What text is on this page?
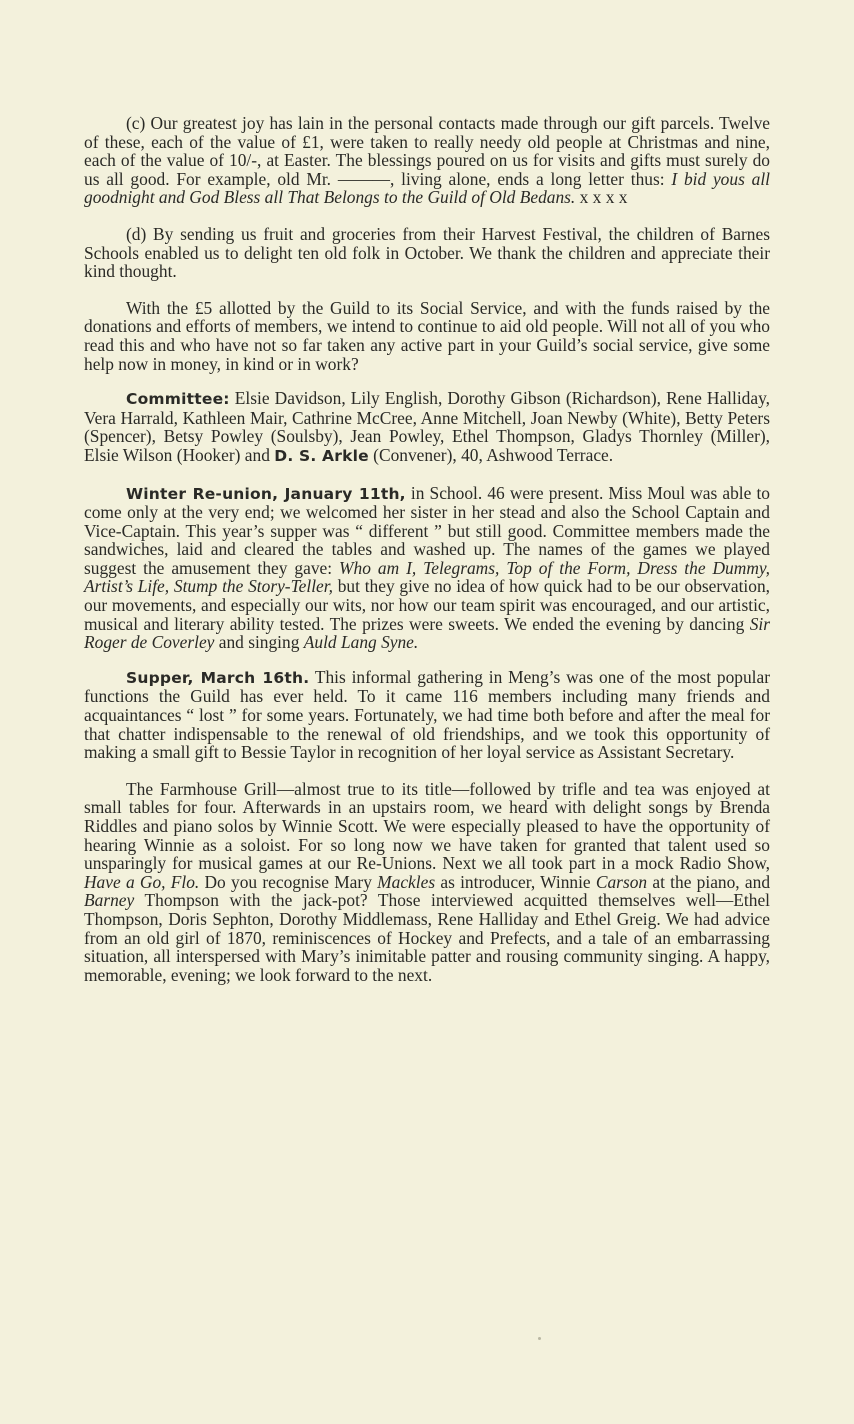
(c) Our greatest joy has lain in the personal contacts made through our gift parcels. Twelve of these, each of the value of £1, were taken to really needy old people at Christmas and nine, each of the value of 10/-, at Easter. The blessings poured on us for visits and gifts must surely do us all good. For example, old Mr. ———, living alone, ends a long letter thus: I bid yous all goodnight and God Bless all That Belongs to the Guild of Old Bedans. x x x x

(d) By sending us fruit and groceries from their Harvest Festival, the children of Barnes Schools enabled us to delight ten old folk in October. We thank the children and appreciate their kind thought.

With the £5 allotted by the Guild to its Social Service, and with the funds raised by the donations and efforts of members, we intend to continue to aid old people. Will not all of you who read this and who have not so far taken any active part in your Guild’s social service, give some help now in money, in kind or in work?

Committee: Elsie Davidson, Lily English, Dorothy Gibson (Richardson), Rene Halliday, Vera Harrald, Kathleen Mair, Cathrine McCree, Anne Mitchell, Joan Newby (White), Betty Peters (Spencer), Betsy Powley (Soulsby), Jean Powley, Ethel Thompson, Gladys Thornley (Miller), Elsie Wilson (Hooker) and D. S. Arkle (Convener), 40, Ashwood Terrace.

Winter Re-union, January 11th, in School. 46 were present. Miss Moul was able to come only at the very end; we welcomed her sister in her stead and also the School Captain and Vice-Captain. This year’s supper was “ different ” but still good. Committee members made the sandwiches, laid and cleared the tables and washed up. The names of the games we played suggest the amusement they gave: Who am I, Telegrams, Top of the Form, Dress the Dummy, Artist’s Life, Stump the Story-Teller, but they give no idea of how quick had to be our observation, our movements, and especially our wits, nor how our team spirit was encouraged, and our artistic, musical and literary ability tested. The prizes were sweets. We ended the evening by dancing Sir Roger de Coverley and singing Auld Lang Syne.

Supper, March 16th. This informal gathering in Meng’s was one of the most popular functions the Guild has ever held. To it came 116 members including many friends and acquaintances “ lost ” for some years. Fortunately, we had time both before and after the meal for that chatter indispensable to the renewal of old friendships, and we took this opportunity of making a small gift to Bessie Taylor in recognition of her loyal service as Assistant Secretary.

The Farmhouse Grill—almost true to its title—followed by trifle and tea was enjoyed at small tables for four. Afterwards in an upstairs room, we heard with delight songs by Brenda Riddles and piano solos by Winnie Scott. We were especially pleased to have the opportunity of hearing Winnie as a soloist. For so long now we have taken for granted that talent used so unsparingly for musical games at our Re-Unions. Next we all took part in a mock Radio Show, Have a Go, Flo. Do you recognise Mary Mackles as introducer, Winnie Carson at the piano, and Barney Thompson with the jack-pot? Those interviewed acquitted themselves well—Ethel Thompson, Doris Sephton, Dorothy Middlemass, Rene Halliday and Ethel Greig. We had advice from an old girl of 1870, reminiscences of Hockey and Prefects, and a tale of an embarrassing situation, all interspersed with Mary’s inimitable patter and rousing community singing. A happy, memorable, evening; we look forward to the next.
